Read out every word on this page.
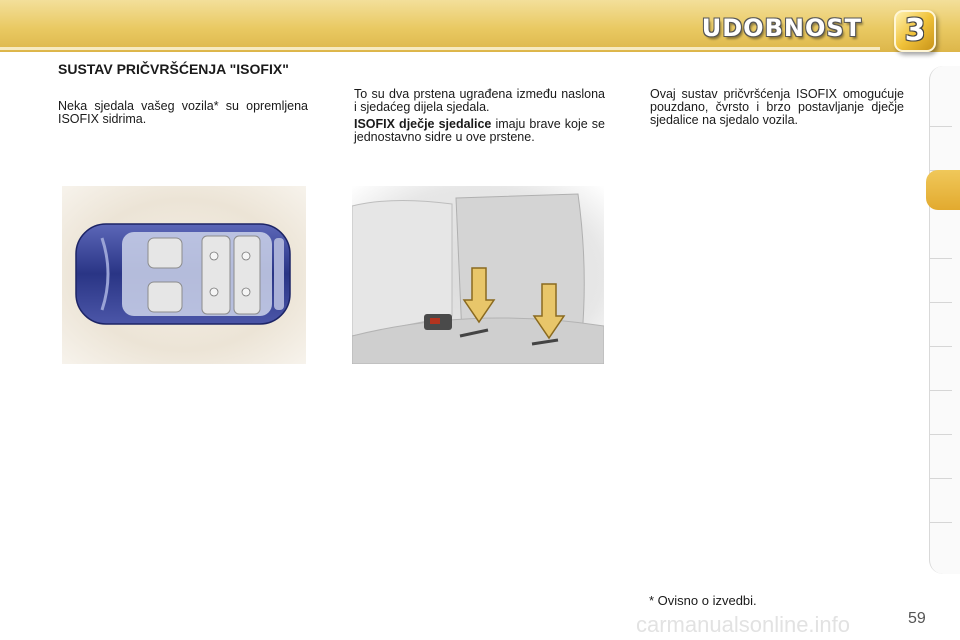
UDOBNOST	3
SUSTAV PRIČVRŠĆENJA "ISOFIX"
Neka sjedala vašeg vozila* su opremljena ISOFIX sidrima.
To su dva prstena ugrađena između naslona i sjedaćeg dijela sjedala.
ISOFIX dječje sjedalice imaju brave koje se jednostavno sidre u ove prstene.
Ovaj sustav pričvršćenja ISOFIX omogućuje pouzdano, čvrsto i brzo postavljanje dječje sjedalice na sjedalo vozila.
* Ovisno o izvedbi.
carmanualsonline.info	59
